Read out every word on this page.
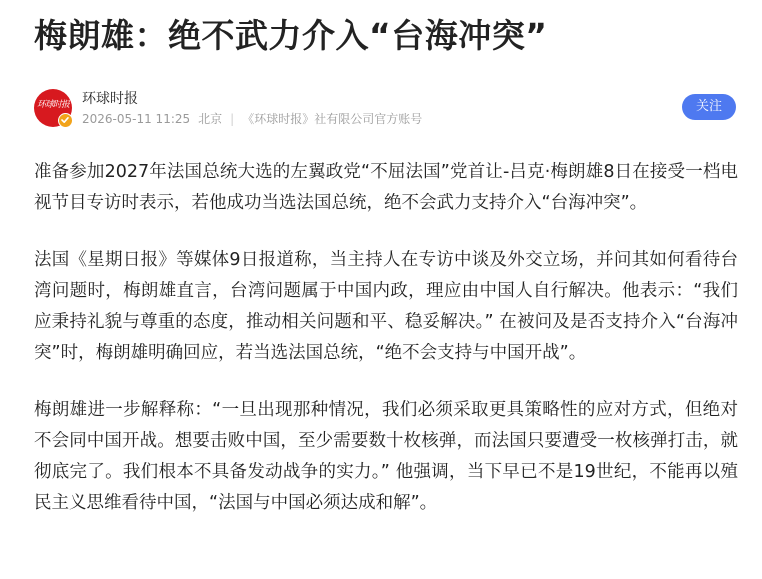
梅朗雄：绝不武力介入“台海冲突”
环球时报 环球时报
2026-05-11 11:25 北京 | 《环球时报》社有限公司官方账号
关注

准备参加2027年法国总统大选的左翼政党“不屈法国”党首让-吕克·梅朗雄8日在接受一档电视节目专访时表示，若他成功当选法国总统，绝不会武力支持介入“台海冲突”。

法国《星期日报》等媒体9日报道称，当主持人在专访中谈及外交立场，并问其如何看待台湾问题时，梅朗雄直言，台湾问题属于中国内政，理应由中国人自行解决。他表示：“我们应秉持礼貌与尊重的态度，推动相关问题和平、稳妥解决。” 在被问及是否支持介入“台海冲突”时，梅朗雄明确回应，若当选法国总统，“绝不会支持与中国开战”。

梅朗雄进一步解释称：“一旦出现那种情况，我们必须采取更具策略性的应对方式，但绝对不会同中国开战。想要击败中国，至少需要数十枚核弹，而法国只要遭受一枚核弹打击，就彻底完了。我们根本不具备发动战争的实力。” 他强调，当下早已不是19世纪，不能再以殖民主义思维看待中国，“法国与中国必须达成和解”。
